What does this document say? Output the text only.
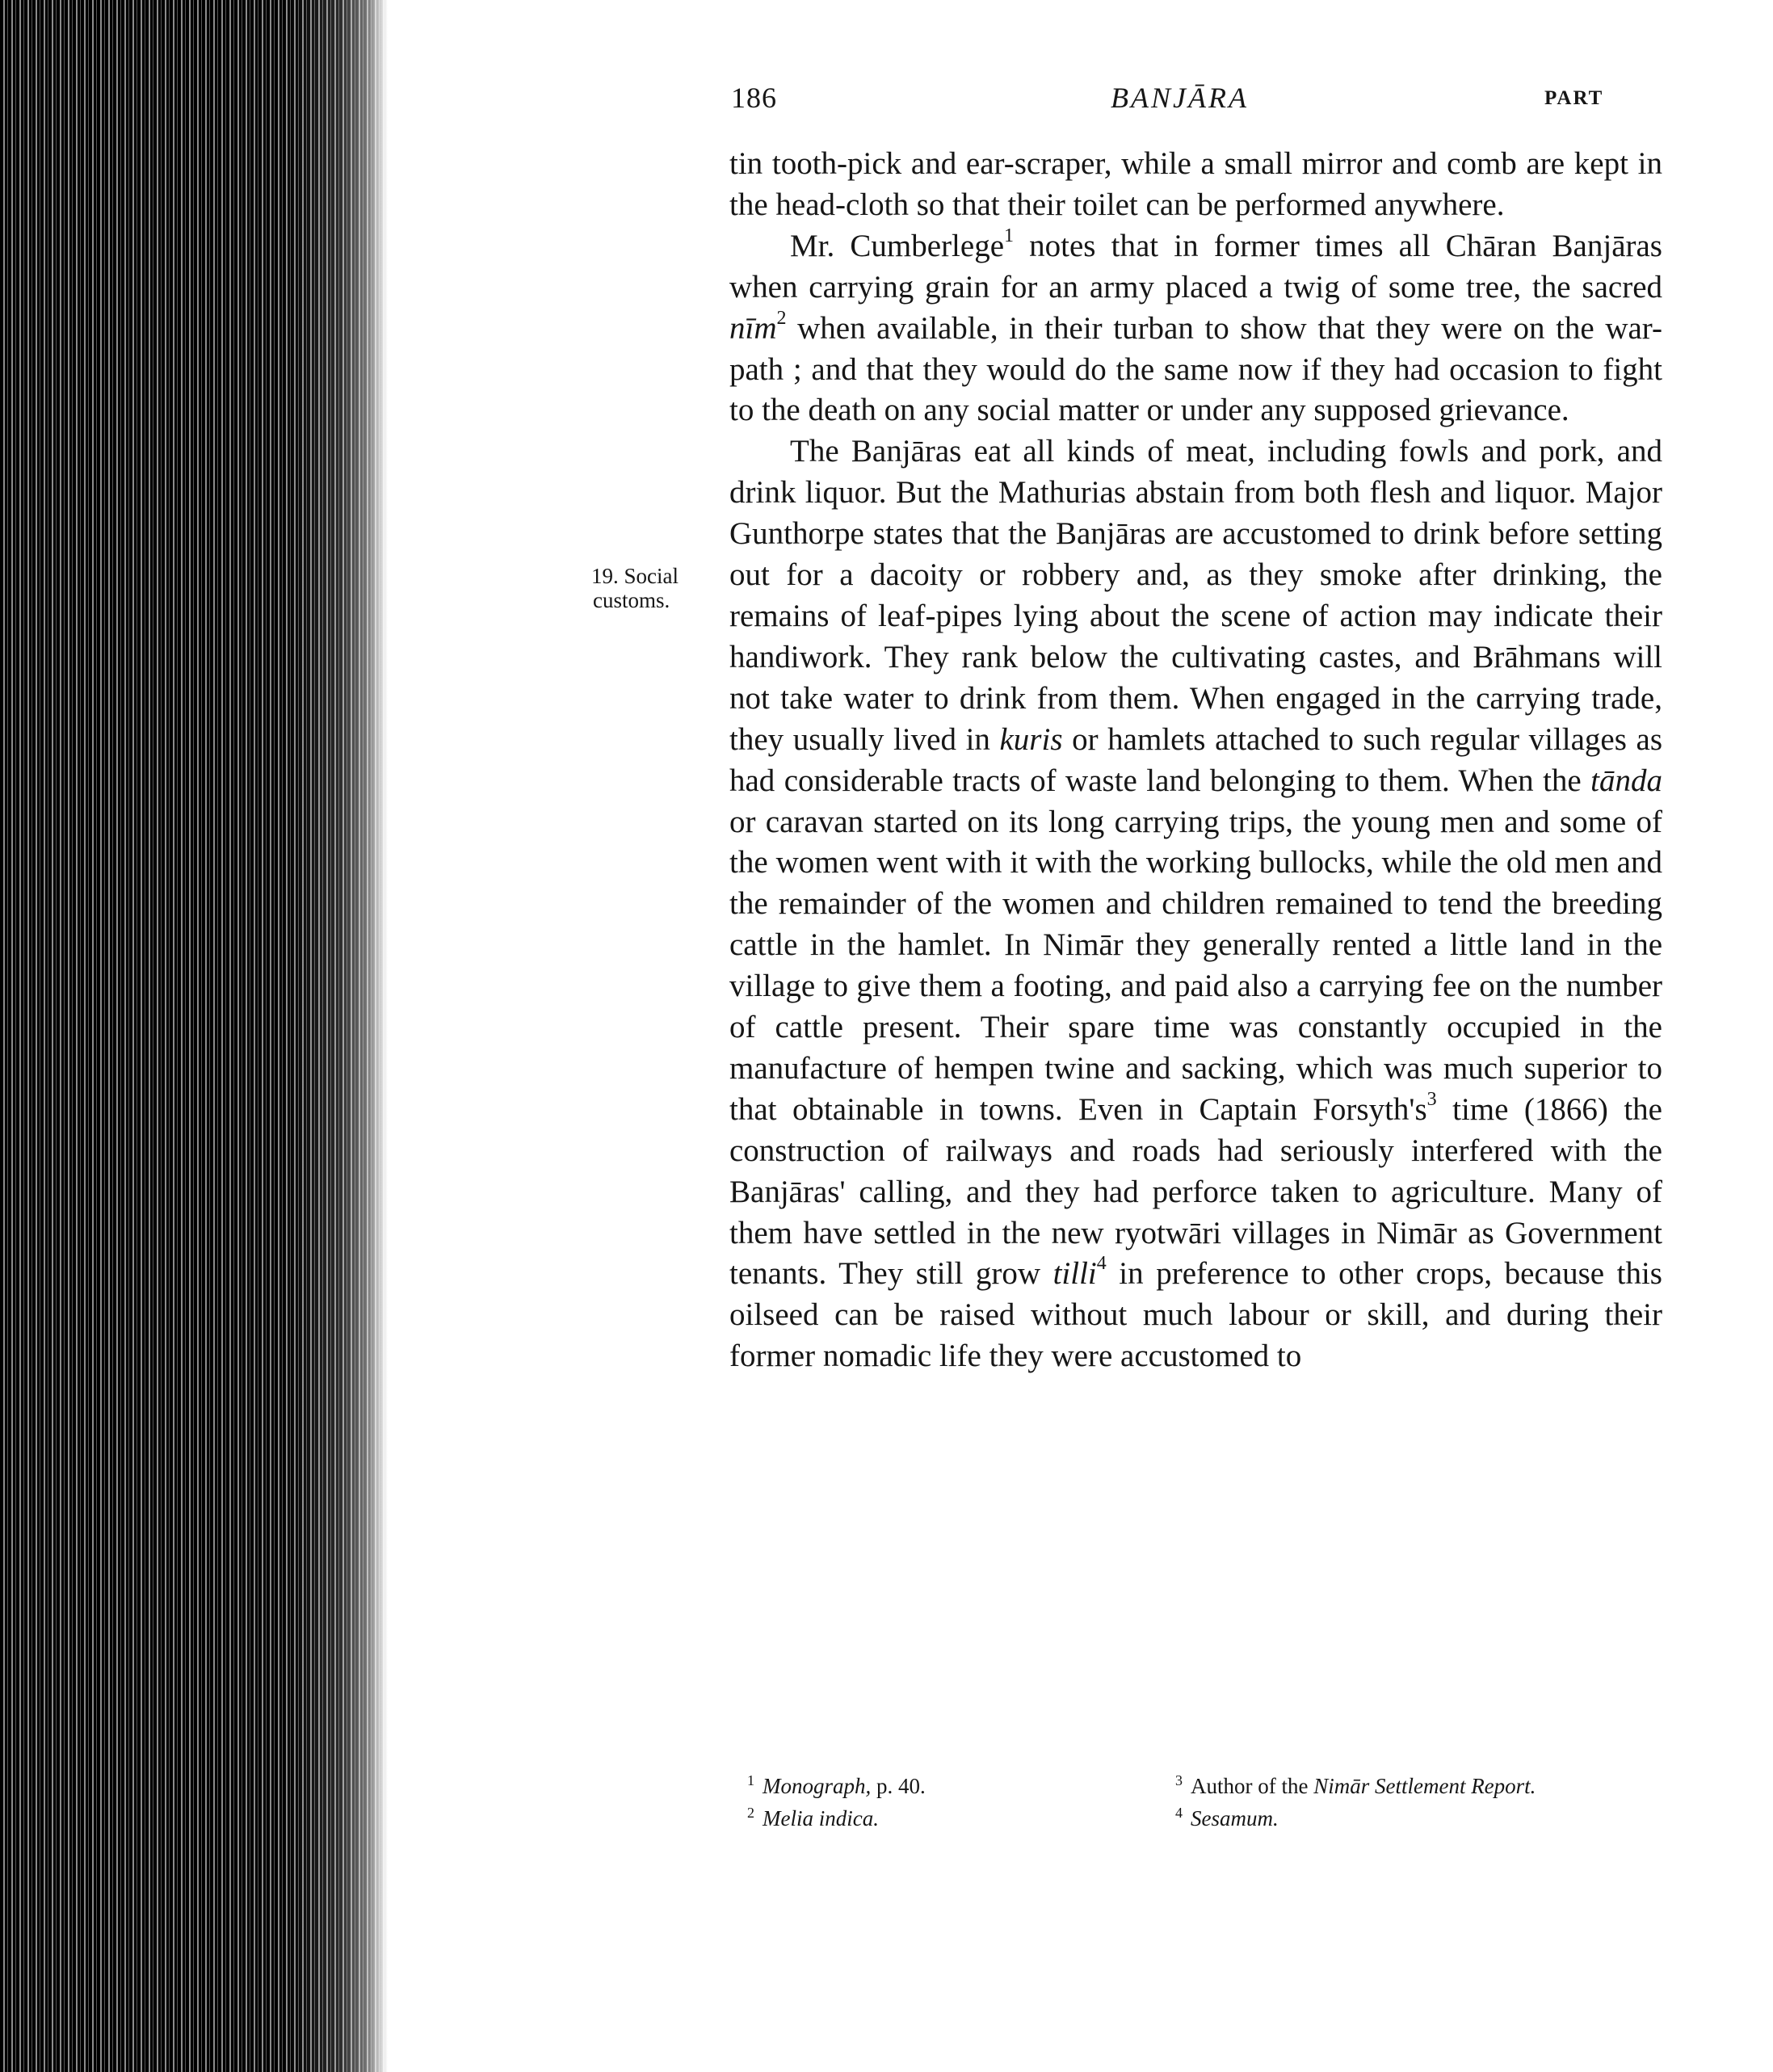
186	BANJĀRA	PART
19. Social
customs.

tin tooth-pick and ear-scraper, while a small mirror and comb are kept in the head-cloth so that their toilet can be performed anywhere.

Mr. Cumberlege$^1$ notes that in former times all Chāran Banjāras when carrying grain for an army placed a twig of some tree, the sacred nīm$^2$ when available, in their turban to show that they were on the war-path ; and that they would do the same now if they had occasion to fight to the death on any social matter or under any supposed grievance.

The Banjāras eat all kinds of meat, including fowls and pork, and drink liquor. But the Mathurias abstain from both flesh and liquor. Major Gunthorpe states that the Banjāras are accustomed to drink before setting out for a dacoity or robbery and, as they smoke after drinking, the remains of leaf-pipes lying about the scene of action may indicate their handiwork. They rank below the cultivating castes, and Brāhmans will not take water to drink from them. When engaged in the carrying trade, they usually lived in kuris or hamlets attached to such regular villages as had considerable tracts of waste land belonging to them. When the tānda or caravan started on its long carrying trips, the young men and some of the women went with it with the working bullocks, while the old men and the remainder of the women and children remained to tend the breeding cattle in the hamlet. In Nimār they generally rented a little land in the village to give them a footing, and paid also a carrying fee on the number of cattle present. Their spare time was constantly occupied in the manufacture of hempen twine and sacking, which was much superior to that obtainable in towns. Even in Captain $Forsyth's^3$ time (1866) the construction of railways and roads had seriously interfered with the Banjāras' calling, and they had perforce taken to agriculture. Many of them have settled in the new ryotwāri villages in Nimār as Government tenants. They still grow tilli$^4$ in preference to other crops, because this oilseed can be raised without much labour or skill, and during their former nomadic life they were accustomed to

$^1$ Monograph, p. 40.
$^2$ Melia indica.
$^3$ Author of the Nimār Settlement Report.
$^4$ Sesamum.
